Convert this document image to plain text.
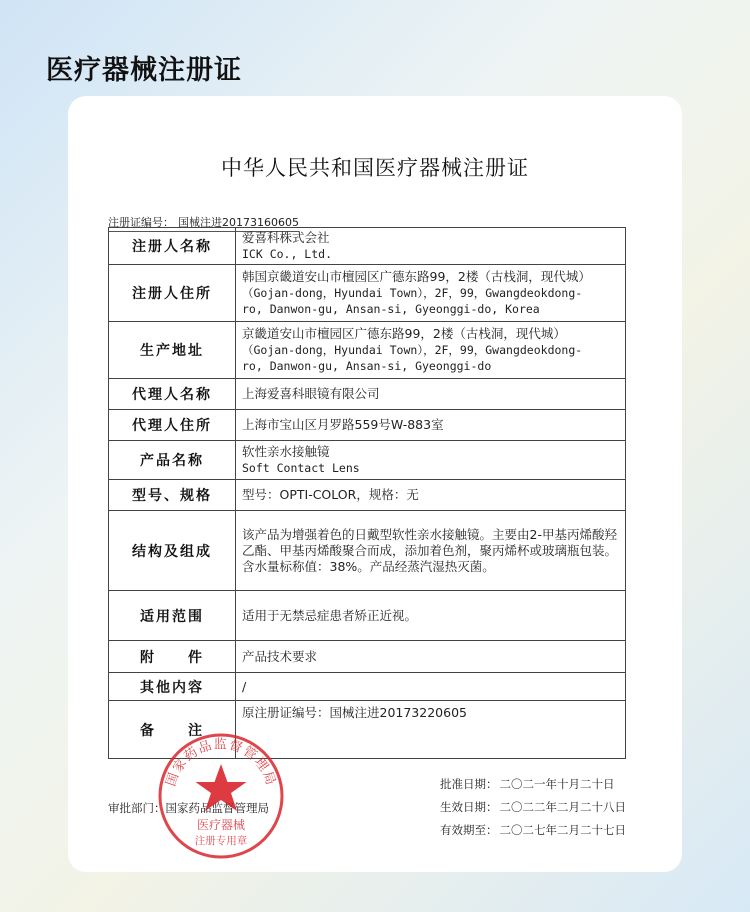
医疗器械注册证
中华人民共和国医疗器械注册证
注册证编号： 国械注进20173160605
注册人名称	爱喜科株式会社
ICK Co., Ltd.

注册人住所	韩国京畿道安山市檀园区广德东路99，2楼（古栈洞，现代城）
（Gojan-dong，Hyundai Town），2F，99，Gwangdeokdong-
ro, Danwon-gu, Ansan-si, Gyeonggi-do, Korea

生产地址	京畿道安山市檀园区广德东路99，2楼（古栈洞，现代城）
（Gojan-dong，Hyundai Town），2F，99，Gwangdeokdong-
ro, Danwon-gu, Ansan-si, Gyeonggi-do

代理人名称	上海爱喜科眼镜有限公司
代理人住所	上海市宝山区月罗路559号W-883室
产品名称	软性亲水接触镜
Soft Contact Lens

型号、规格	型号：OPTI-COLOR，规格：无
结构及组成	该产品为增强着色的日戴型软性亲水接触镜。主要由2-甲基丙烯酸羟乙酯、甲基丙烯酸聚合而成，添加着色剂，聚丙烯杯或玻璃瓶包装。含水量标称值：38%。产品经蒸汽湿热灭菌。
适用范围	适用于无禁忌症患者矫正近视。
附　　件	产品技术要求
其他内容	/
备　　注	原注册证编号：国械注进20173220605
审批部门：国家药品监督管理局
批准日期： 二〇二一年十月二十日
生效日期： 二〇二二年二月二十八日
有效期至： 二〇二七年二月二十七日
国家药品监督管理局
医疗器械
注册专用章
